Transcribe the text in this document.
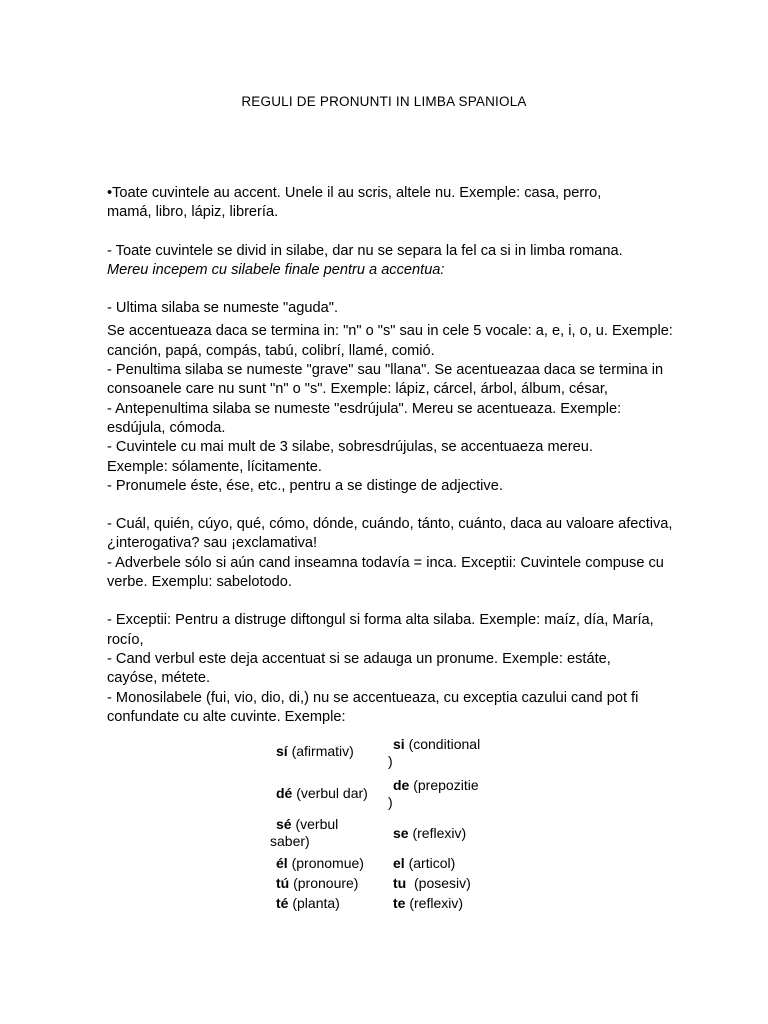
REGULI DE PRONUNTI IN LIMBA SPANIOLA

•Toate cuvintele au accent. Unele il au scris, altele nu. Exemple: casa, perro,

mamá, libro, lápiz, librería.

- Toate cuvintele se divid in silabe, dar nu se separa la fel ca si in limba romana.

Mereu incepem cu silabele finale pentru a accentua:

- Ultima silaba se numeste "aguda".

Se accentueaza daca se termina in: "n" o "s" sau in cele 5 vocale: a, e, i, o, u. Exemple:

canción, papá, compás, tabú, colibrí, llamé, comió.

- Penultima silaba se numeste "grave" sau "llana". Se acentueazaa daca se termina in

consoanele care nu sunt "n" o "s". Exemple: lápiz, cárcel, árbol, álbum, césar,

- Antepenultima silaba se numeste "esdrújula". Mereu se acentueaza. Exemple:

esdújula, cómoda.

- Cuvintele cu mai mult de 3 silabe, sobresdrújulas, se accentuaeza mereu.

Exemple: sólamente, lícitamente.

- Pronumele éste, ése, etc., pentru a se distinge de adjective.

- Cuál, quién, cúyo, qué, cómo, dónde, cuándo, tánto, cuánto, daca au valoare afectiva,

¿interogativa? sau ¡exclamativa!

- Adverbele sólo si aún cand inseamna todavía = inca. Exceptii: Cuvintele compuse cu

verbe. Exemplu: sabelotodo.

- Exceptii: Pentru a distruge diftongul si forma alta silaba. Exemple: maíz, día, María,

rocío,

- Cand verbul este deja accentuat si se adauga un pronume. Exemple: estáte,

cayóse, métete.

- Monosilabele (fui, vio, dio, di,) nu se accentueaza, cu exceptia cazului cand pot fi

confundate cu alte cuvinte. Exemple:

sí (afirmativ)	si (conditional
)
dé (verbul dar)	de (prepozitie
)
sé (verbul
saber)	se (reflexiv)
él (pronomue)	el (articol)
tú (pronoure)	tu  (posesiv)
té (planta)	te (reflexiv)
